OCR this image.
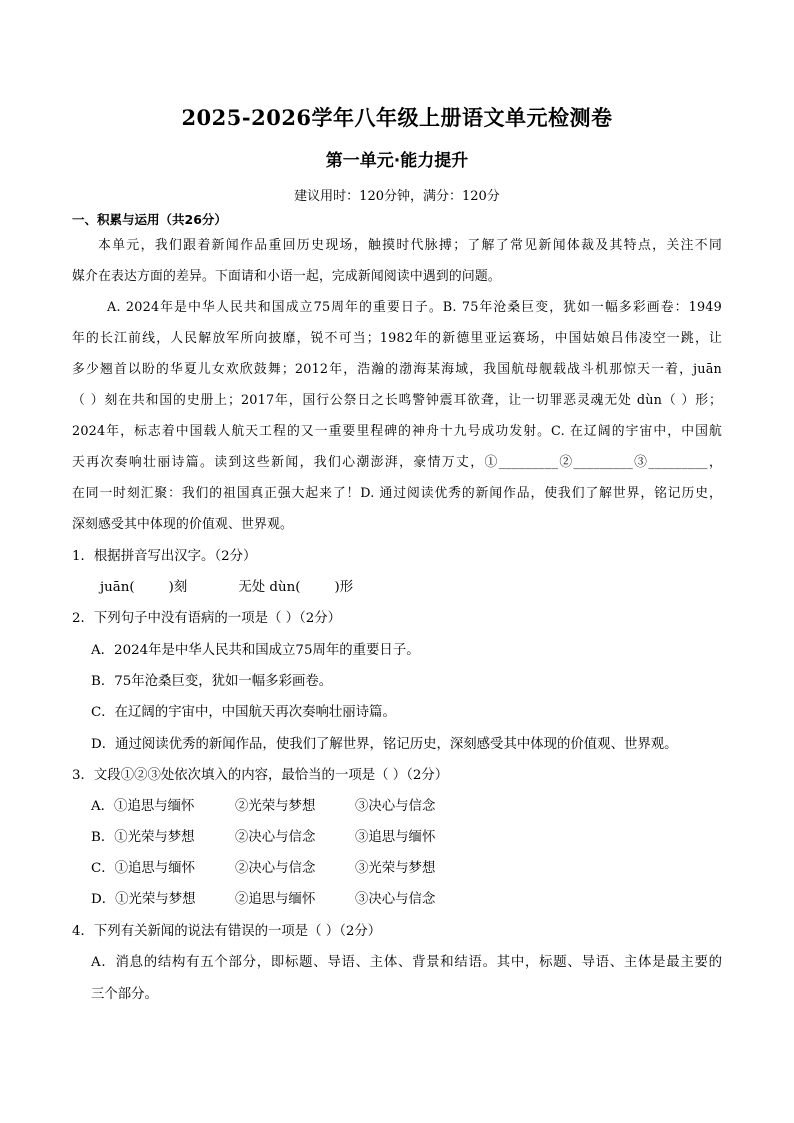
2025-2026学年八年级上册语文单元检测卷
第一单元·能力提升
建议用时：120分钟，满分：120分
一、积累与运用（共26分）
本单元，我们跟着新闻作品重回历史现场，触摸时代脉搏；了解了常见新闻体裁及其特点，关注不同
媒介在表达方面的差异。下面请和小语一起，完成新闻阅读中遇到的问题。
A. 2024年是中华人民共和国成立75周年的重要日子。B. 75年沧桑巨变，犹如一幅多彩画卷：1949
年的长江前线，人民解放军所向披靡，锐不可当；1982年的新德里亚运赛场，中国姑娘吕伟凌空一跳，让
多少翘首以盼的华夏儿女欢欣鼓舞；2012年，浩瀚的渤海某海域，我国航母舰载战斗机那惊天一着，juān
（ ）刻在共和国的史册上；2017年，国行公祭日之长鸣警钟震耳欲聋，让一切罪恶灵魂无处 dùn（ ）形；
2024年，标志着中国载人航天工程的又一重要里程碑的神舟十九号成功发射。C. 在辽阔的宇宙中，中国航
天再次奏响壮丽诗篇。读到这些新闻，我们心潮澎湃，豪情万丈，①_________②_________③_________，
在同一时刻汇聚：我们的祖国真正强大起来了！D. 通过阅读优秀的新闻作品，使我们了解世界，铭记历史，
深刻感受其中体现的价值观、世界观。
1．根据拼音写出汉字。（2分）
juān(        )刻            无处 dùn(        )形
2．下列句子中没有语病的一项是（ ）（2分）
A．2024年是中华人民共和国成立75周年的重要日子。
B．75年沧桑巨变，犹如一幅多彩画卷。
C．在辽阔的宇宙中，中国航天再次奏响壮丽诗篇。
D．通过阅读优秀的新闻作品，使我们了解世界，铭记历史，深刻感受其中体现的价值观、世界观。
3．文段①②③处依次填入的内容，最恰当的一项是（ ）（2分）
A．①追思与缅怀	②光荣与梦想	③决心与信念
B．①光荣与梦想	②决心与信念	③追思与缅怀
C．①追思与缅怀	②决心与信念	③光荣与梦想
D．①光荣与梦想	②追思与缅怀	③决心与信念
4．下列有关新闻的说法有错误的一项是（ ）（2分）
A．消息的结构有五个部分，即标题、导语、主体、背景和结语。其中，标题、导语、主体是最主要的
三个部分。
